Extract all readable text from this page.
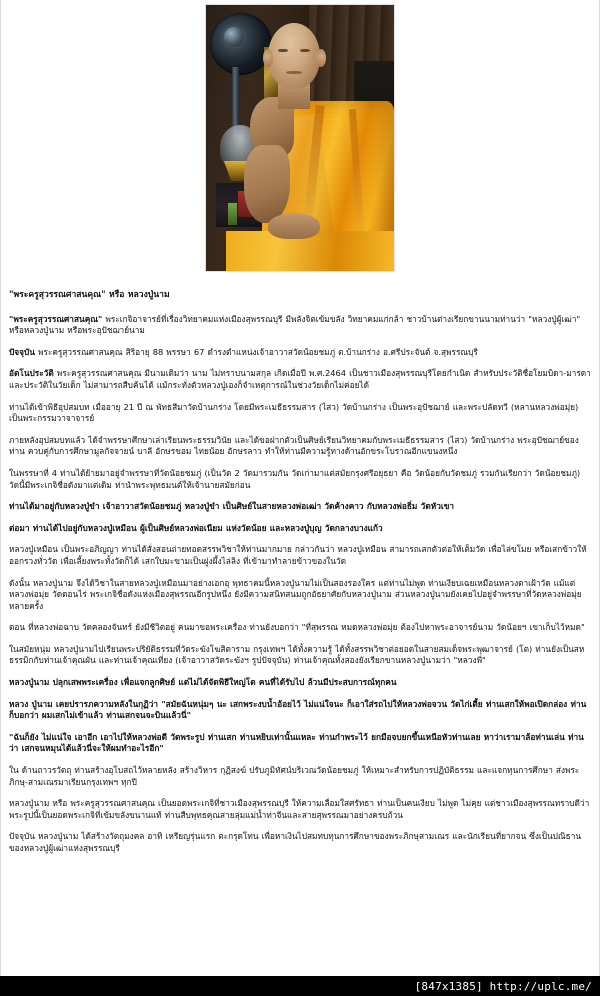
"พระครูสุวรรณศาสนคุณ" หรือ หลวงปู่นาม

"พระครูสุวรรณศาสนคุณ" พระเกจิอาจารย์ที่เรื่องวิทยาคมแห่งเมืองสุพรรณบุรี มีพลังจิตเข้มขลัง วิทยาคมแก่กล้า ชาวบ้านต่างเรียกขานนามท่านว่า "หลวงปู่ผู้เฒ่า" หรือหลวงปู่นาม หรือพระอุปัชฌาย์นาม

ปัจจุบัน พระครูสุวรรณศาสนคุณ สิริอายุ 88 พรรษา 67 ดำรงตำแหน่งเจ้าอาวาสวัดน้อยชมภู่ ต.บ้านกร่าง อ.ศรีประจันต์ จ.สุพรรณบุรี

อัตโนประวัติ พระครูสุวรรณศาสนคุณ มีนามเดิมว่า นาม ไม่ทราบนามสกุล เกิดเมื่อปี พ.ศ.2464 เป็นชาวเมืองสุพรรณบุรีโดยกำเนิด สำหรับประวัติชื่อโยมบิดา-มารดา และประวัติในวัยเด็ก ไม่สามารถสืบค้นได้ แม้กระทั่งตัวหลวงปู่เองก็จำเหตุการณ์ในช่วงวัยเด็กไม่ค่อยได้

ท่านได้เข้าพิธีอุปสมบท เมื่ออายุ 21 ปี ณ พัทธสีมาวัดบ้านกร่าง โดยมีพระเมธีธรรมสาร (ไสว) วัดบ้านกร่าง เป็นพระอุปัชฌาย์ และพระปลัดทวี (หลานหลวงพ่อมุ่ย) เป็นพระกรรมวาจาจารย์

ภายหลังอุปสมบทแล้ว ได้จำพรรษาศึกษาเล่าเรียนพระธรรมวินัย และได้ขอฝากตัวเป็นศิษย์เรียนวิทยาคมกับพระเมธีธรรมสาร (ไสว) วัดบ้านกร่าง พระอุปัชฌาย์ของท่าน ควบคู่กับการศึกษามูลกัจจายน์ บาลี อักษรขอม ไทยน้อย อักษรลาว ทำให้ท่านมีความรู้ทางด้านอักขระโบราณอีกแขนงหนึ่ง

ในพรรษาที่ 4 ท่านได้ย้ายมาอยู่จำพรรษาที่วัดน้อยชมภู่ (เป็นวัด 2 วัดมารวมกัน วัดเก่ามาแต่สมัยกรุงศรีอยุธยา คือ วัดน้อยกับวัดชมภู่ รวมกันเรียกว่า วัดน้อยชมภู่) วัดนี้มีพระเกจิชื่อดังมาแต่เดิม ท่านำพระพุทธมนต์ให้เจ้านายสมัยก่อน

ท่านได้มาอยู่กับหลวงปู่ขำ เจ้าอาวาสวัดน้อยชมภู่ หลวงปู่ขำ เป็นศิษย์ในสายหลวงพ่อเฒ่า วัดค้างคาว กับหลวงพ่อธิ่ม วัดหัวเขา

ต่อมา ท่านได้ไปอยู่กับหลวงปู่เหมือน ผู้เป็นศิษย์หลวงพ่อเนียม แห่งวัดน้อย และหลวงปู่บุญ วัดกลางบางแก้ว

หลวงปู่เหมือน เป็นพระอภิญญา ท่านได้สั่งสอนถ่ายทอดสรรพวิชาให้ท่านมากมาย กล่าวกันว่า หลวงปู่เหมือน สามารถเสกตัวต่อให้เต็มวัด เพื่อไล่ขโมย หรือเสกข้าวให้ออกรวงทั่ววัด เพื่อเลี้ยงพระทั้งวัดก็ได้ เสกใบมะขามเป็นฝูงผึ้งไล่ลิง ที่เข้ามาทำลายข้าวของในวัด

ดังนั้น หลวงปู่นาม จึงได้วิชาในสายหลวงปู่เหมือนมาอย่างเอกอุ พุทธาคมนี้หลวงปู่นามไม่เป็นสองรองใคร แต่ท่านไม่พูด ท่านเงียบเฉยเหมือนหลวงตาเฝ้าวัด แม้แต่หลวงพ่อมุ่ย วัดดอนไร่ พระเกจิชื่อดังแห่งเมืองสุพรรณอีกรูปหนึ่ง ยังมีความสนิทสนมถูกอัธยาศัยกับหลวงปู่นาม ส่วนหลวงปู่นามยังเคยไปอยู่จำพรรษาที่วัดหลวงพ่อมุ่ย หลายครั้ง

ตอน ที่หลวงพ่อฉาบ วัดคลองจันทร์ ยังมีชีวิตอยู่ คนมาขอพระเครื่อง ท่านยังบอกว่า "ที่สุพรรณ หมดหลวงพ่อมุ่ย ต้องไปหาพระอาจารย์นาม วัดน้อยฯ เขาเก็บไว้หมด"

ในสมัยหนุ่ม หลวงปู่นามไปเรียนพระปริยัติธรรมที่วัดระฆังโฆสิตาราม กรุงเทพฯ ได้ทั้งความรู้ ได้ทั้งสรรพวิชาต่อยอดในสายสมเด็จพระพุฒาจารย์ (โต) ท่านยังเป็นสหธรรมิกกับท่านเจ้าคุณผัน และท่านเจ้าคุณเที่ยง (เจ้าอาวาสวัดระฆังฯ รูปปัจจุบัน) ท่านเจ้าคุณทั้งสองยังเรียกขานหลวงปู่นามว่า "หลวงพี่"

หลวงปู่นาม ปลุกเสพพระเครื่อง เพื่อแจกลูกศิษย์ แต่ไม่ได้จัดพิธีใหญ่โต คนที่ได้รับไป ล้วนมีประสบการณ์ทุกคน

หลวง ปู่นาม เคยปรารภความหลังในกุฏิว่า "สมัยฉันหนุ่มๆ นะ เสกพระงบน้ำอ้อยไว้ ไม่แน่ใจนะ ก็เอาใส่รถไปให้หลวงพ่อจวน วัดไก่เตี้ย ท่านเสกให้พอเปิดกล่อง ท่านก็บอกว่า ผมเสกไม่เข้าแล้ว ท่านเสกจนจะบินแล้วนี่"

"ฉันก็ยัง ไม่แน่ใจ เอาอีก เอาไปให้หลวงพ่อดี วัดพระรูป ท่านเสก ท่านหยิบเท่านั้นแหละ ท่านกำพระไว้ ยกมือจบยกขึ้นเหนือหัวท่านเลย หาว่าเรามาล้อท่านเล่น ท่านว่า เสกจนหมุนได้แล้วนี่จะให้ผมทำอะไรอีก"

ใน ด้านถาวรวัตถุ ท่านสร้างอุโบสถไว้หลายหลัง สร้างวิหาร กุฏิสงฆ์ ปรับภูมิทัศน์บริเวณวัดน้อยชมภู่ ให้เหมาะสำหรับการปฏิบัติธรรม และแจกทุนการศึกษา ส่งพระภิกษุ-สามเณรมาเรียนกรุงเทพฯ ทุกปี

หลวงปู่นาม หรือ พระครูสุวรรณศาสนคุณ เป็นยอดพระเกจิที่ชาวเมืองสุพรรณบุรี ให้ความเลื่อมใสศรัทธา ท่านเป็นคนเงียบ ไม่พูด ไม่คุย แต่ชาวเมืองสุพรรณทราบดีว่า พระรูปนี้เป็นยอดพระเกจิที่เข้มขลังขนานแท้ ท่านสืบพุทธคุณสายลุ่มแม่น้ำท่าจีนและสายสุพรรณมาอย่างครบถ้วน

ปัจจุบัน หลวงปู่นาม ได้สร้างวัตถุมงคล อาทิ เหรียญรุ่นแรก ตะกรุดโทน เพื่อหาเงินไปสมทบทุนการศึกษาของพระภิกษุสามเณร และนักเรียนที่ยากจน ซึ่งเป็นปณิธานของหลวงปู่ผู้เฒ่าแห่งสุพรรณบุรี

[847x1385] http://uplc.me/
